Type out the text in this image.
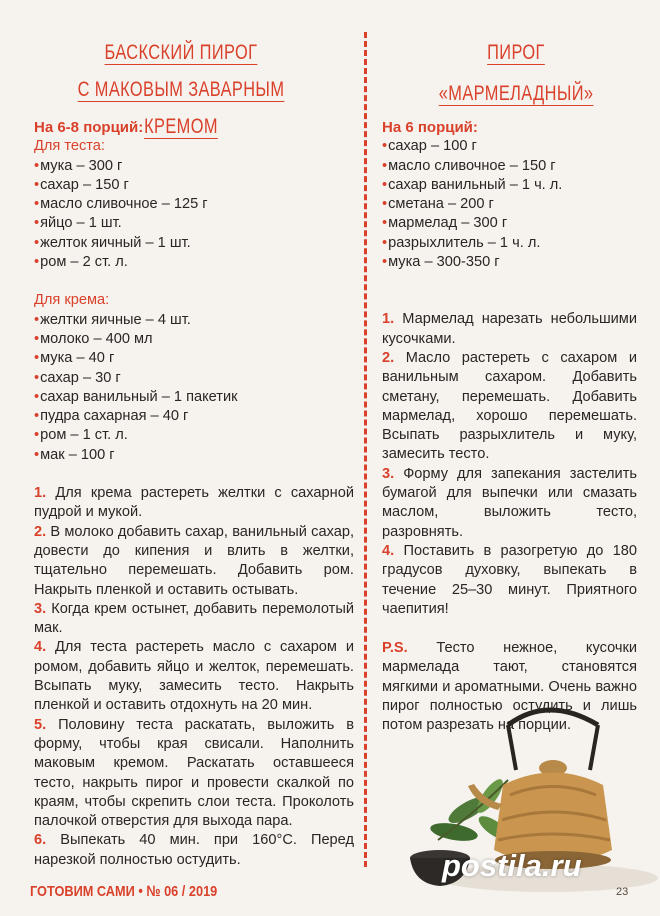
БАСКСКИЙ ПИРОГ
С МАКОВЫМ ЗАВАРНЫМ КРЕМОМ
ПИРОГ
«МАРМЕЛАДНЫЙ»
На 6-8 порций:
Для теста:
• мука – 300 г
• сахар – 150 г
• масло сливочное – 125 г
• яйцо – 1 шт.
• желток яичный – 1 шт.
• ром – 2 ст. л.
Для крема:
• желтки яичные – 4 шт.
• молоко – 400 мл
• мука – 40 г
• сахар – 30 г
• сахар ванильный – 1 пакетик
• пудра сахарная – 40 г
• ром – 1 ст. л.
• мак – 100 г

1. Для крема растереть желтки с сахарной пудрой и мукой.

2. В молоко добавить сахар, ванильный сахар, довести до кипения и влить в желтки, тщательно перемешать. Добавить ром. Накрыть пленкой и оставить остывать.

3. Когда крем остынет, добавить перемолотый мак.

4. Для теста растереть масло с сахаром и ромом, добавить яйцо и желток, перемешать. Всыпать муку, замесить тесто. Накрыть пленкой и оставить отдохнуть на 20 мин.

5. Половину теста раскатать, выложить в форму, чтобы края свисали. Наполнить маковым кремом. Раскатать оставшееся тесто, накрыть пирог и провести скалкой по краям, чтобы скрепить слои теста. Проколоть палочкой отверстия для выхода пара.

6. Выпекать 40 мин. при 160°С. Перед нарезкой полностью остудить.

На 6 порций:
• сахар – 100 г
• масло сливочное – 150 г
• сахар ванильный – 1 ч. л.
• сметана – 200 г
• мармелад – 300 г
• разрыхлитель – 1 ч. л.
• мука – 300-350 г

1. Мармелад нарезать небольшими кусочками.

2. Масло растереть с сахаром и ванильным сахаром. Добавить сметану, перемешать. Добавить мармелад, хорошо перемешать. Всыпать разрыхлитель и муку, замесить тесто.

3. Форму для запекания застелить бумагой для выпечки или смазать маслом, выложить тесто, разровнять.

4. Поставить в разогретую до 180 градусов духовку, выпекать в течение 25–30 минут. Приятного чаепития!

P.S. Тесто нежное, кусочки мармелада тают, становятся мягкими и ароматными. Очень важно пирог полностью остудить и лишь потом разрезать на порции.

postila.ru
ГОТОВИМ САМИ • № 06 / 2019	23
